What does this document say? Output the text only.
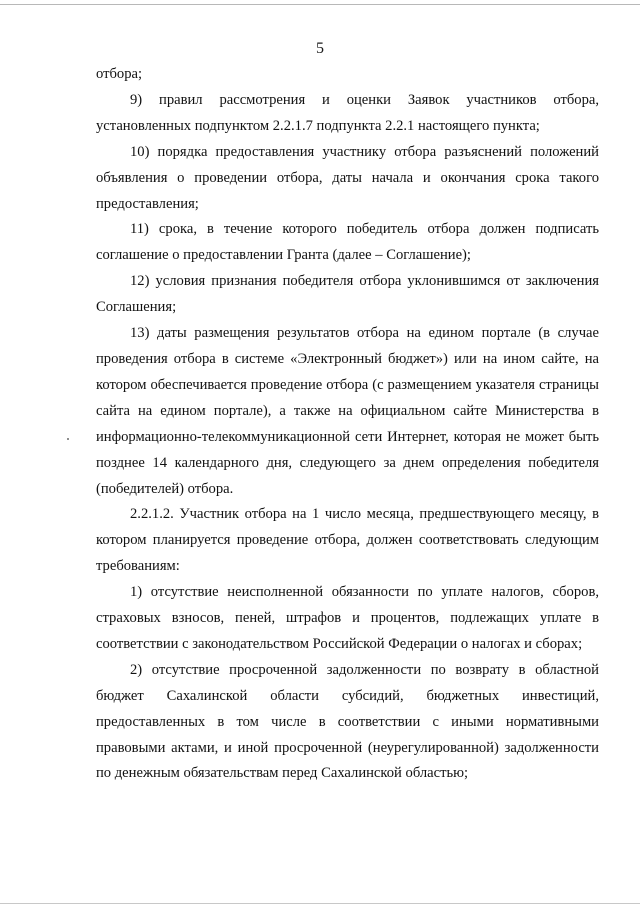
5

отбора;

9) правил рассмотрения и оценки Заявок участников отбора, установленных подпунктом 2.2.1.7 подпункта 2.2.1 настоящего пункта;

10) порядка предоставления участнику отбора разъяснений положений объявления о проведении отбора, даты начала и окончания срока такого предоставления;

11) срока, в течение которого победитель отбора должен подписать соглашение о предоставлении Гранта (далее – Соглашение);

12) условия признания победителя отбора уклонившимся от заключения Соглашения;

13) даты размещения результатов отбора на едином портале (в случае проведения отбора в системе «Электронный бюджет») или на ином сайте, на котором обеспечивается проведение отбора (с размещением указателя страницы сайта на едином портале), а также на официальном сайте Министерства в информационно-телекоммуникационной сети Интернет, которая не может быть позднее 14 календарного дня, следующего за днем определения победителя (победителей) отбора.

2.2.1.2. Участник отбора на 1 число месяца, предшествующего месяцу, в котором планируется проведение отбора, должен соответствовать следующим требованиям:

1) отсутствие неисполненной обязанности по уплате налогов, сборов, страховых взносов, пеней, штрафов и процентов, подлежащих уплате в соответствии с законодательством Российской Федерации о налогах и сборах;

2) отсутствие просроченной задолженности по возврату в областной бюджет Сахалинской области субсидий, бюджетных инвестиций, предоставленных в том числе в соответствии с иными нормативными правовыми актами, и иной просроченной (неурегулированной) задолженности по денежным обязательствам перед Сахалинской областью;
